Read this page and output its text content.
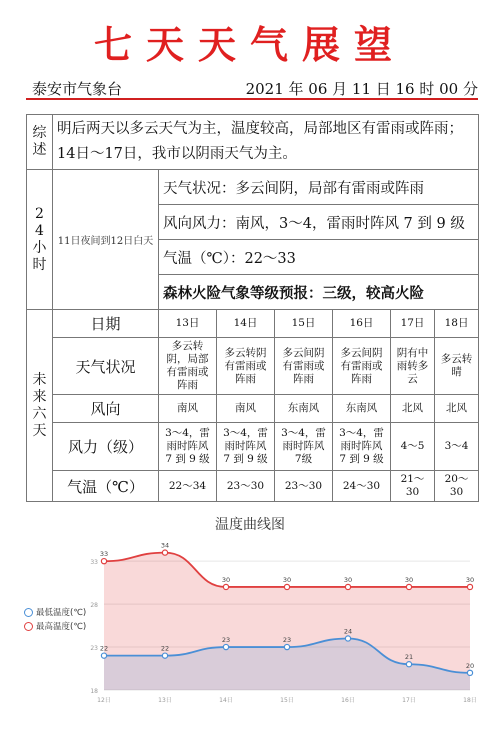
七天天气展望
泰安市气象台	2021 年 06 月 11 日 16 时 00 分
综述	明后两天以多云天气为主，温度较高，局部地区有雷雨或阵雨；14日～17日，我市以阴雨天气为主。						
24小时	11日夜间到12日白天	天气状况：多云间阴，局部有雷雨或阵雨					
		风向风力：南风，3～4，雷雨时阵风 7 到 9 级					
		气温（℃）：22～33					
		森林火险气象等级预报：三级，较高火险					
未来六天	日期	13日	14日	15日	16日	17日	18日
	天气状况	多云转阴，局部有雷雨或阵雨	多云转阴有雷雨或阵雨	多云间阴有雷雨或阵雨	多云间阴有雷雨或阵雨	阴有中雨转多云	多云转晴
	风向	南风	南风	东南风	东南风	北风	北风
	风力（级）	3～4，雷雨时阵风 7 到 9 级	3～4，雷雨时阵风 7 到 9 级	3～4，雷雨时阵风 7级	3～4，雷雨时阵风 7 到 9 级	4～5	3～4
	气温（℃）	22～34	23～30	23～30	24～30	21～30	20～30
温度曲线图
18
23
28
33
12日	13日	14日	15日	16日	17日	18日
33
34
30	30	30	30	30
22	22
23	23
24
21
20
最低温度(℃)
最高温度(℃)
